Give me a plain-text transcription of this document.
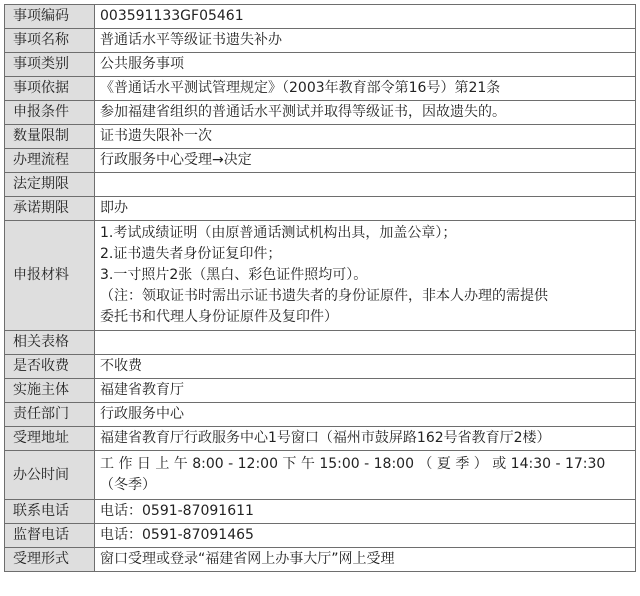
事项编码	003591133GF05461
事项名称	普通话水平等级证书遗失补办
事项类别	公共服务事项
事项依据	《普通话水平测试管理规定》（2003年教育部令第16号）第21条
申报条件	参加福建省组织的普通话水平测试并取得等级证书，因故遗失的。
数量限制	证书遗失限补一次
办理流程	行政服务中心受理→决定
法定期限	
承诺期限	即办
申报材料	1.考试成绩证明（由原普通话测试机构出具，加盖公章）；
2.证书遗失者身份证复印件；
3.一寸照片2张（黑白、彩色证件照均可）。
（注：领取证书时需出示证书遗失者的身份证原件，非本人办理的需提供
委托书和代理人身份证原件及复印件）

相关表格	
是否收费	不收费
实施主体	福建省教育厅
责任部门	行政服务中心
受理地址	福建省教育厅行政服务中心1号窗口（福州市鼓屏路162号省教育厅2楼）
办公时间	工 作 日 上 午 8:00 - 12:00 下 午 15:00 - 18:00 （ 夏 季 ） 或 14:30 - 17:30（冬季）
联系电话	电话：0591-87091611
监督电话	电话：0591-87091465
受理形式	窗口受理或登录“福建省网上办事大厅”网上受理
